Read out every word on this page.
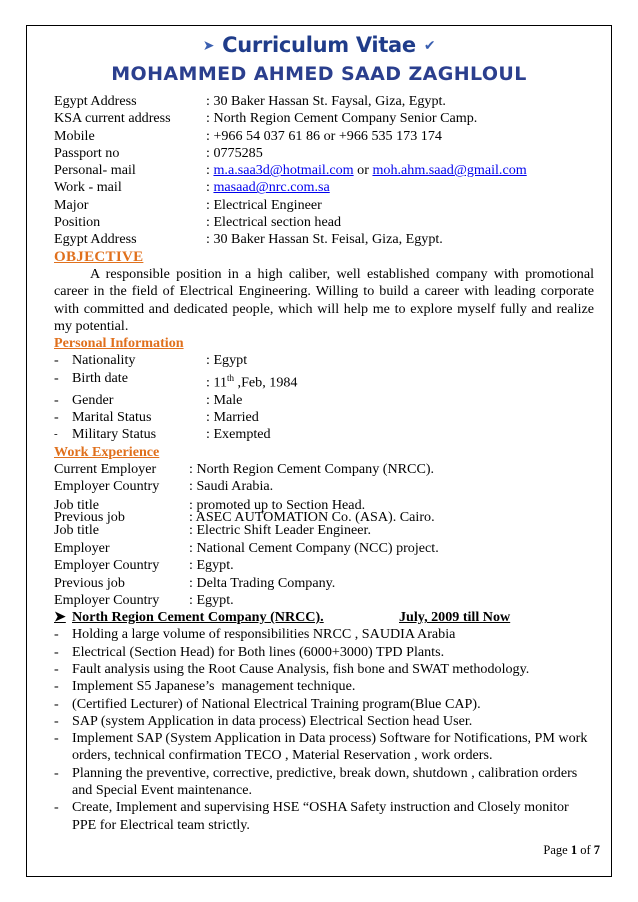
➤ Curriculum Vitae ✔
MOHAMMED AHMED SAAD ZAGHLOUL
Egypt Address	: 30 Baker Hassan St. Faysal, Giza, Egypt.
KSA current address	: North Region Cement Company Senior Camp.
Mobile	: +966 54 037 61 86 or +966 535 173 174
Passport no	: 0775285
Personal- mail	: m.a.saa3d@hotmail.com or moh.ahm.saad@gmail.com
Work - mail	: masaad@nrc.com.sa
Major	: Electrical Engineer
Position	: Electrical section head
Egypt Address	: 30 Baker Hassan St. Feisal, Giza, Egypt.
OBJECTIVE
A responsible position in a high caliber, well established company with promotional career in the field of Electrical Engineering. Willing to build a career with leading corporate with committed and dedicated people, which will help me to explore myself fully and realize my potential.
Personal Information
- Nationality	: Egypt
- Birth date	: 11th ,Feb, 1984
- Gender	: Male
- Marital Status	: Married
-	Military Status	: Exempted
Work Experience
Current Employer	: North Region Cement Company (NRCC).
Employer Country	: Saudi Arabia.
Job title	: promoted up to Section Head.
Previous job	: ASEC AUTOMATION Co. (ASA). Cairo.
Job title	: Electric Shift Leader Engineer.
Employer	: National Cement Company (NCC) project.
Employer Country	: Egypt.
Previous job	: Delta Trading Company.
Employer Country	: Egypt.
➤ North Region Cement Company (NRCC).	July, 2009 till Now
- Holding a large volume of responsibilities NRCC , SAUDIA Arabia
- Electrical (Section Head) for Both lines (6000+3000) TPD Plants.
- Fault analysis using the Root Cause Analysis, fish bone and SWAT methodology.
- Implement S5 Japanese’s  management technique.
- (Certified Lecturer) of National Electrical Training program(Blue CAP).
- SAP (system Application in data process) Electrical Section head User.
- Implement SAP (System Application in Data process) Software for Notifications, PM work orders, technical confirmation TECO , Material Reservation , work orders.
- Planning the preventive, corrective, predictive, break down, shutdown , calibration orders and Special Event maintenance.
- Create, Implement and supervising HSE “OSHA Safety instruction and Closely monitor PPE for Electrical team strictly.
Page 1 of 7
